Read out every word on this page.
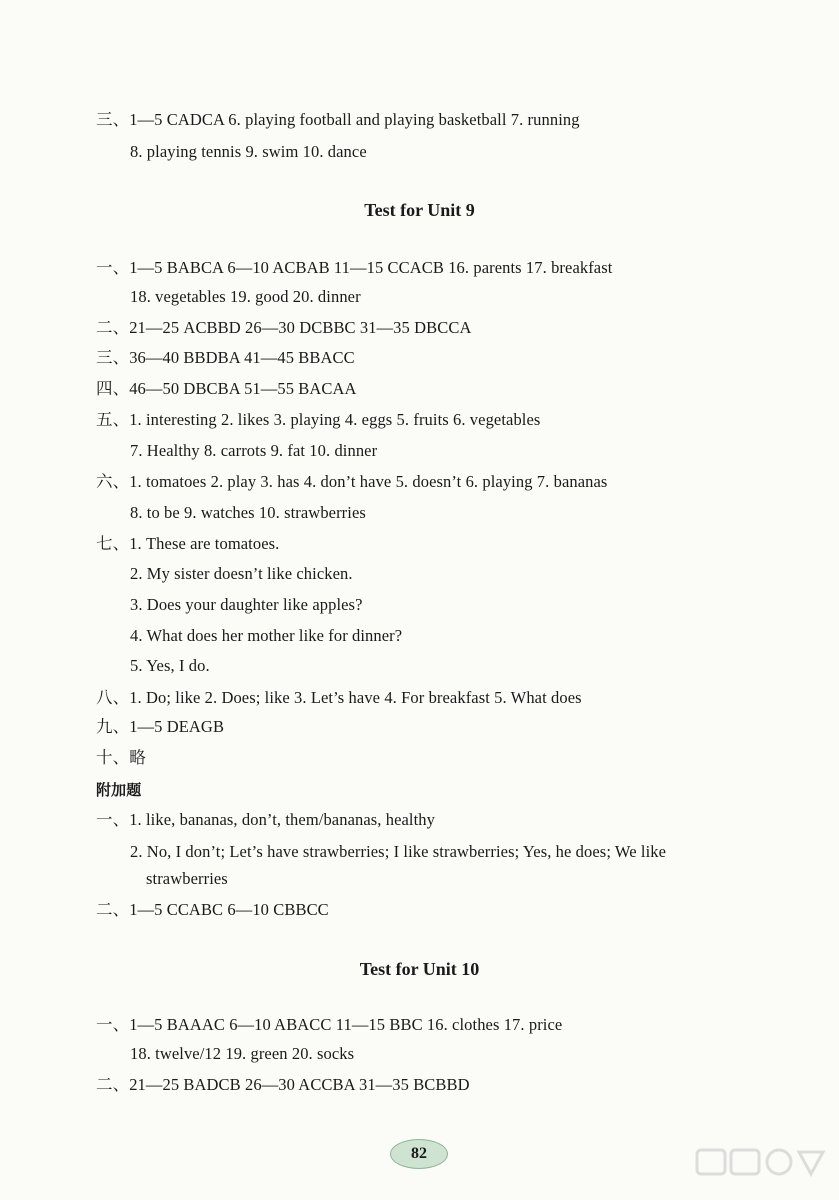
三、1—5 CADCA 6. playing football and playing basketball 7. running
8. playing tennis 9. swim 10. dance
Test for Unit 9
一、1—5 BABCA 6—10 ACBAB 11—15 CCACB 16. parents 17. breakfast
18. vegetables 19. good 20. dinner
二、21—25 ACBBD 26—30 DCBBC 31—35 DBCCA
三、36—40 BBDBA 41—45 BBACC
四、46—50 DBCBA 51—55 BACAA
五、1. interesting 2. likes 3. playing 4. eggs 5. fruits 6. vegetables
7. Healthy 8. carrots 9. fat 10. dinner
六、1. tomatoes 2. play 3. has 4. don’t have 5. doesn’t 6. playing 7. bananas
8. to be 9. watches 10. strawberries
七、1. These are tomatoes.
2. My sister doesn’t like chicken.
3. Does your daughter like apples?
4. What does her mother like for dinner?
5. Yes, I do.
八、1. Do; like 2. Does; like 3. Let’s have 4. For breakfast 5. What does
九、1—5 DEAGB
十、略
附加题
一、1. like, bananas, don’t, them/bananas, healthy
2. No, I don’t; Let’s have strawberries; I like strawberries; Yes, he does; We like
strawberries
二、1—5 CCABC 6—10 CBBCC
Test for Unit 10
一、1—5 BAAAC 6—10 ABACC 11—15 BBC 16. clothes 17. price
18. twelve/12 19. green 20. socks
二、21—25 BADCB 26—30 ACCBA 31—35 BCBBD
82
